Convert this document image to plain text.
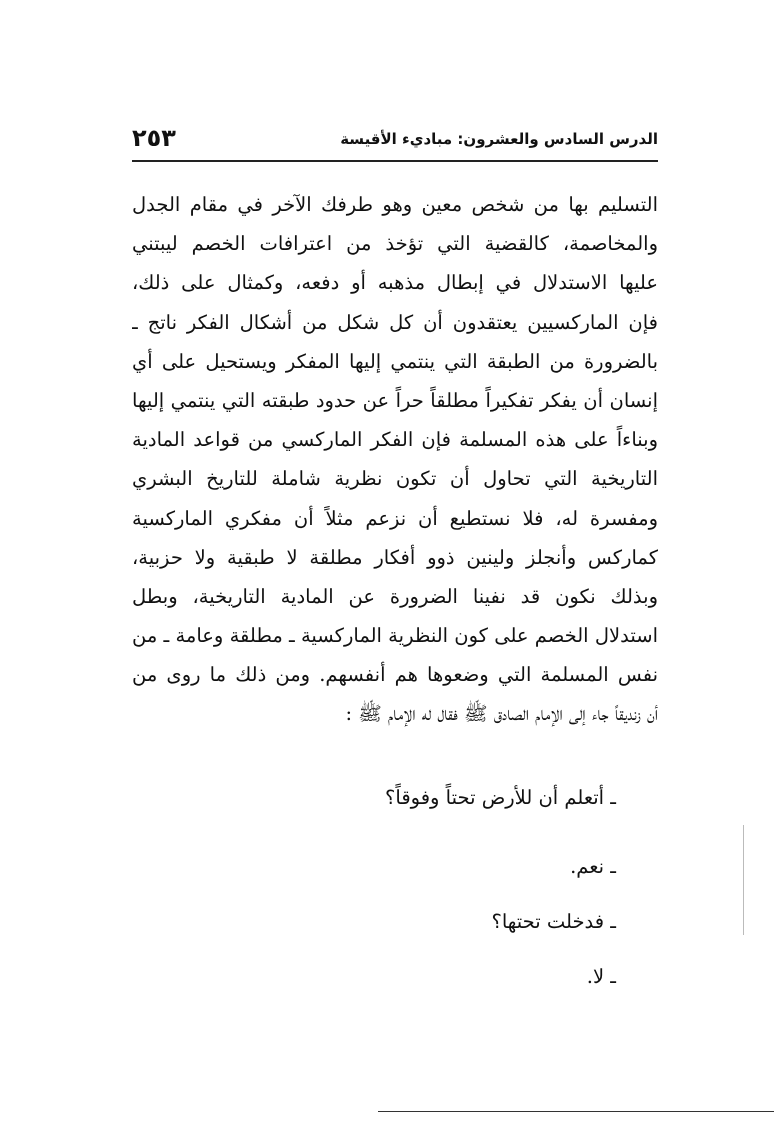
الدرس السادس والعشرون: مباديء الأقيسة
٢٥٣
التسليم بها من شخص معين وهو طرفك الآخر في مقام الجدل
والمخاصمة، كالقضية التي تؤخذ من اعترافات الخصم ليبتني
عليها الاستدلال في إبطال مذهبه أو دفعه، وكمثال على ذلك،
فإن الماركسيين يعتقدون أن كل شكل من أشكال الفكر ناتج ـ
بالضرورة من الطبقة التي ينتمي إليها المفكر ويستحيل على أي
إنسان أن يفكر تفكيراً مطلقاً حراً عن حدود طبقته التي ينتمي إليها
وبناءاً على هذه المسلمة فإن الفكر الماركسي من قواعد المادية
التاريخية التي تحاول أن تكون نظرية شاملة للتاريخ البشري
ومفسرة له، فلا نستطيع أن نزعم مثلاً أن مفكري الماركسية
كماركس وأنجلز ولينين ذوو أفكار مطلقة لا طبقية ولا حزبية،
وبذلك نكون قد نفينا الضرورة عن المادية التاريخية، وبطل
استدلال الخصم على كون النظرية الماركسية ـ مطلقة وعامة ـ من
نفس المسلمة التي وضعوها هم أنفسهم. ومن ذلك ما روى من
أن زنديقاً جاء إلى الإمام الصادق ﷺ فقال له الإمام ﷺ :
ـ أتعلم أن للأرض تحتاً وفوقاً؟
ـ نعم.
ـ فدخلت تحتها؟
ـ لا.
